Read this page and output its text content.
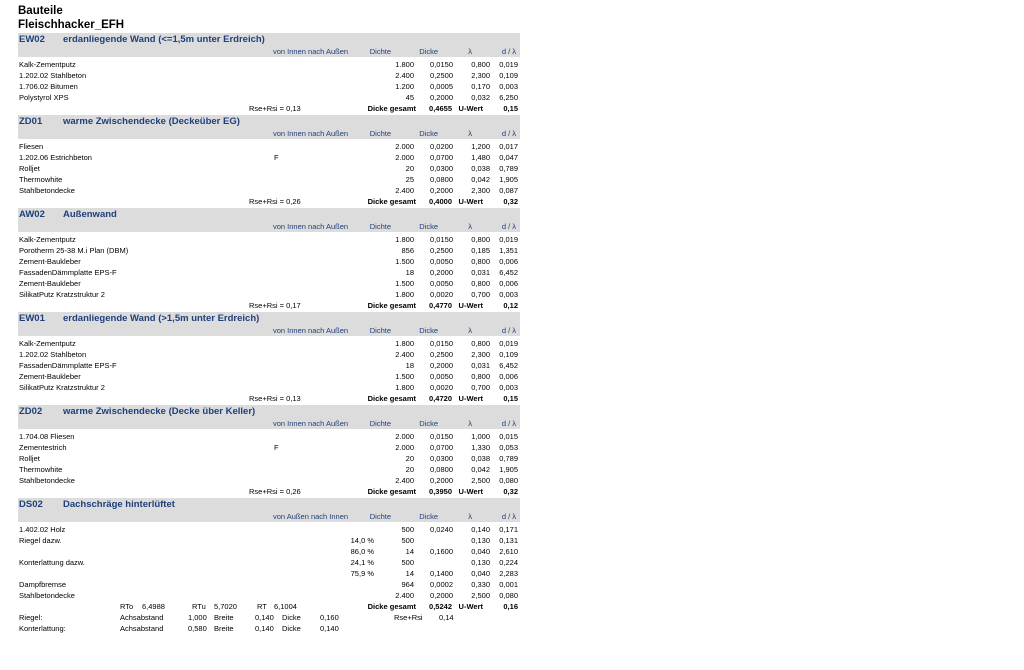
Bauteile
Fleischhacker_EFH
EW02 erdanliegende Wand (<=1,5m unter Erdreich)
von Innen nach Außen	Dichte	Dicke	λ	d / λ
Kalk-Zementputz	1.800 0,0150 0,800 0,019
1.202.02 Stahlbeton	2.400 0,2500 2,300 0,109
1.706.02 Bitumen	1.200 0,0005 0,170 0,003
Polystyrol XPS	45 0,2000 0,032 6,250
Rse+Rsi = 0,13	Dicke gesamt 0,4655 U-Wert	0,15
ZD01 warme Zwischendecke (Deckeüber EG)
von Innen nach Außen	Dichte	Dicke	λ	d / λ
Fliesen	2.000 0,0200 1,200 0,017
1.202.06 Estrichbeton	F	2.000 0,0700 1,480 0,047
Rolljet	20 0,0300 0,038 0,789
Thermowhite	25 0,0800 0,042 1,905
Stahlbetondecke	2.400 0,2000 2,300 0,087
Rse+Rsi = 0,26	Dicke gesamt 0,4000 U-Wert	0,32
AW02 Außenwand
von Innen nach Außen	Dichte	Dicke	λ	d / λ
Kalk-Zementputz	1.800 0,0150 0,800 0,019
Porotherm 25-38 M.i Plan (DBM)	856 0,2500 0,185 1,351
Zement-Baukleber	1.500 0,0050 0,800 0,006
FassadenDämmplatte EPS-F	18 0,2000 0,031 6,452
Zement-Baukleber	1.500 0,0050 0,800 0,006
SilikatPutz Kratzstruktur 2	1.800 0,0020 0,700 0,003
Rse+Rsi = 0,17	Dicke gesamt 0,4770 U-Wert	0,12
EW01 erdanliegende Wand (>1,5m unter Erdreich)
von Innen nach Außen	Dichte	Dicke	λ	d / λ
Kalk-Zementputz	1.800 0,0150 0,800 0,019
1.202.02 Stahlbeton	2.400 0,2500 2,300 0,109
FassadenDämmplatte EPS-F	18 0,2000 0,031 6,452
Zement-Baukleber	1.500 0,0050 0,800 0,006
SilikatPutz Kratzstruktur 2	1.800 0,0020 0,700 0,003
Rse+Rsi = 0,13	Dicke gesamt 0,4720 U-Wert	0,15
ZD02 warme Zwischendecke (Decke über Keller)
von Innen nach Außen	Dichte	Dicke	λ	d / λ
1.704.08 Fliesen	2.000 0,0150 1,000 0,015
Zementestrich	F	2.000 0,0700 1,330 0,053
Rolljet	20 0,0300 0,038 0,789
Thermowhite	20 0,0800 0,042 1,905
Stahlbetondecke	2.400 0,2000 2,500 0,080
Rse+Rsi = 0,26	Dicke gesamt 0,3950 U-Wert	0,32
DS02 Dachschräge hinterlüftet
von Außen nach Innen	Dichte	Dicke	λ	d / λ
1.402.02 Holz	500 0,0240 0,140 0,171
Riegel dazw.	14,0 %	500	0,130 0,131
86,0 %	14 0,1600 0,040 2,610
Konterlattung dazw.	24,1 %	500	0,130 0,224
75,9 %	14 0,1400 0,040 2,283
Dampfbremse	964 0,0002 0,330 0,001
Stahlbetondecke	2.400 0,2000 2,500 0,080
RTo 6,4988	RTu 5,7020	RT 6,1004	Dicke gesamt 0,5242 U-Wert	0,16
Riegel:	Achsabstand	1,000 Breite	0,140 Dicke	0,160	Rse+Rsi 0,14
Konterlattung:	Achsabstand	0,580 Breite	0,140 Dicke	0,140
